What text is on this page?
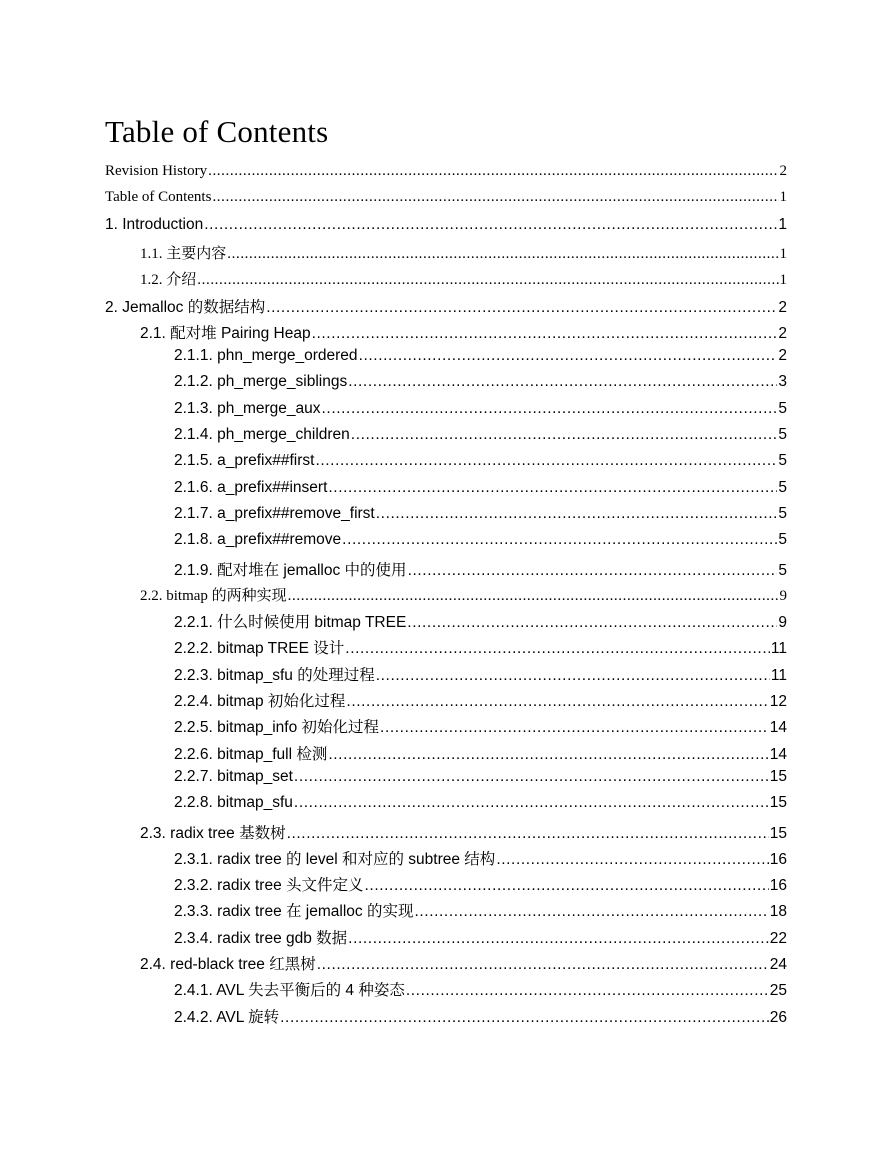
Table of Contents
Revision History .....	2
Table of Contents .....	1
1. Introduction .....	1
1.1. 主要内容 .....	1
1.2. 介绍 .....	1
2. Jemalloc 的数据结构 .....	2
2.1. 配对堆 Pairing Heap .....	2
2.1.1. phn_merge_ordered .....	2
2.1.2. ph_merge_siblings .....	3
2.1.3. ph_merge_aux .....	5
2.1.4. ph_merge_children .....	5
2.1.5. a_prefix##first .....	5
2.1.6. a_prefix##insert .....	5
2.1.7. a_prefix##remove_first .....	5
2.1.8. a_prefix##remove .....	5
2.1.9. 配对堆在 jemalloc 中的使用 .....	5
2.2. bitmap 的两种实现 .....	9
2.2.1. 什么时候使用 bitmap TREE .....	9
2.2.2. bitmap TREE 设计 .....	11
2.2.3. bitmap_sfu 的处理过程 .....	11
2.2.4. bitmap 初始化过程 .....	12
2.2.5. bitmap_info 初始化过程 .....	14
2.2.6. bitmap_full 检测 .....	14
2.2.7. bitmap_set .....	15
2.2.8. bitmap_sfu .....	15
2.3. radix tree 基数树 .....	15
2.3.1. radix tree 的 level 和对应的 subtree 结构 .....	16
2.3.2. radix tree 头文件定义 .....	16
2.3.3. radix tree 在 jemalloc 的实现 .....	18
2.3.4. radix tree gdb 数据 .....	22
2.4. red-black tree 红黑树 .....	24
2.4.1. AVL 失去平衡后的 4 种姿态 .....	25
2.4.2. AVL 旋转 .....	26
